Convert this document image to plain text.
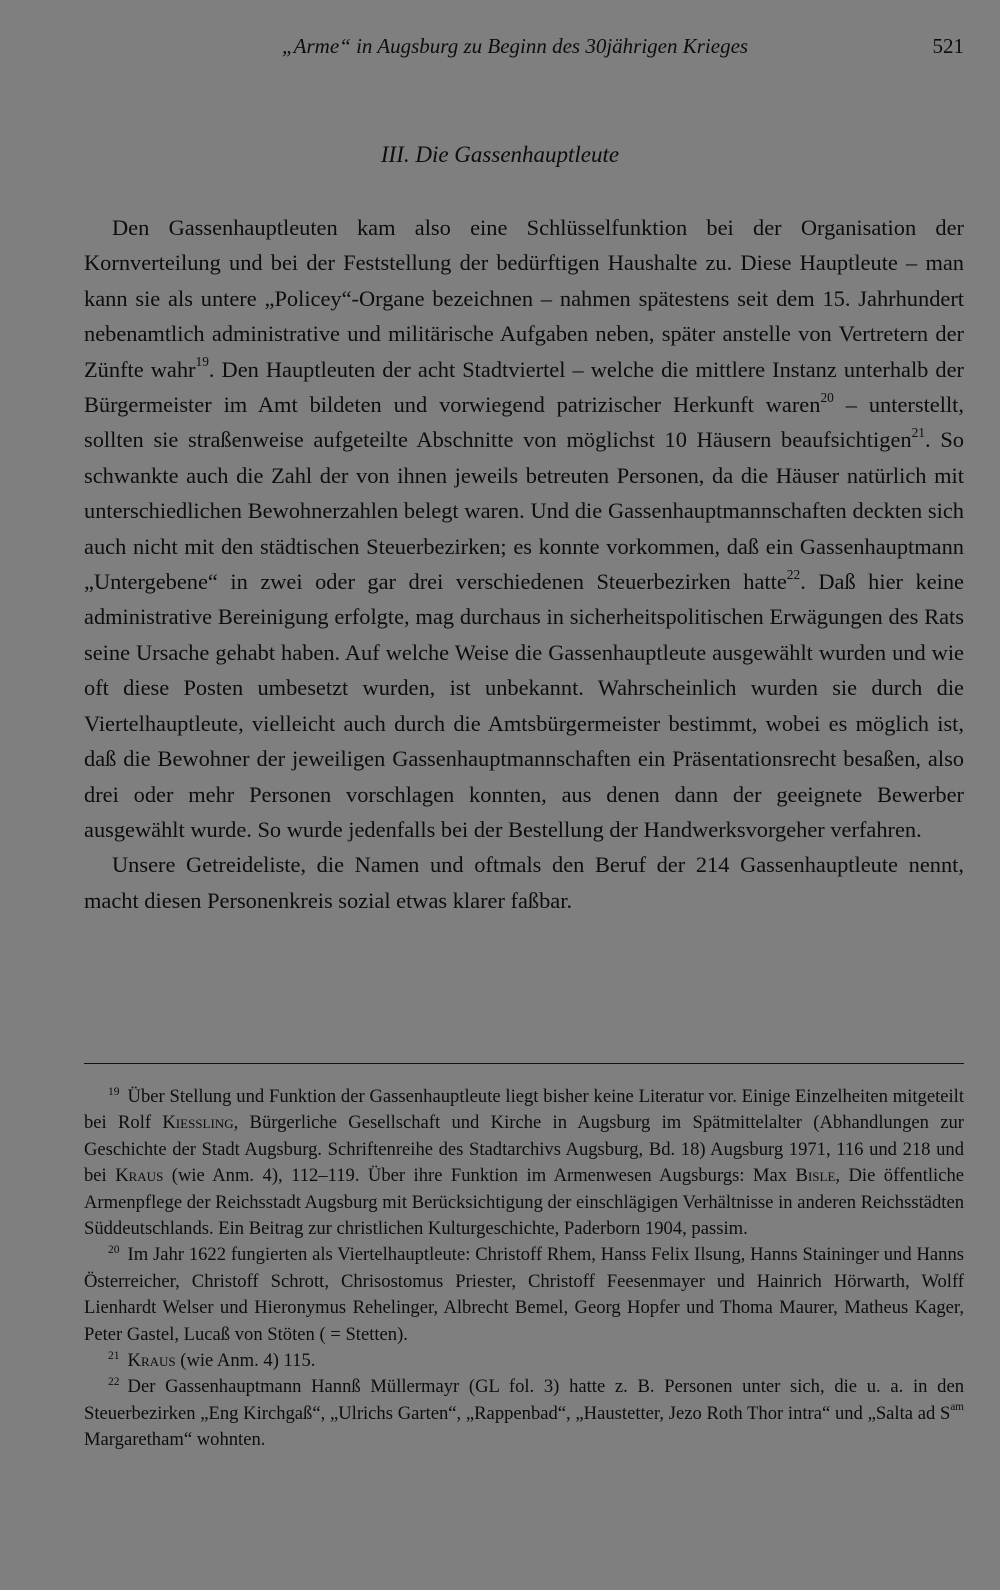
„Arme“ in Augsburg zu Beginn des 30jährigen Krieges	521
III. Die Gassenhauptleute

Den Gassenhauptleuten kam also eine Schlüsselfunktion bei der Organisation der Kornverteilung und bei der Feststellung der bedürftigen Haushalte zu. Diese Hauptleute – man kann sie als untere „Policey“-Organe bezeichnen – nahmen spätestens seit dem 15. Jahrhundert nebenamtlich administrative und militärische Aufgaben neben, später anstelle von Vertretern der Zünfte wahr$^{19}$. Den Hauptleuten der acht Stadtviertel – welche die mittlere Instanz unterhalb der Bürgermeister im Amt bildeten und vorwiegend patrizischer Herkunft waren$^{20}$ – unterstellt, sollten sie straßenweise aufgeteilte Abschnitte von möglichst 10 Häusern beaufsichtigen$^{21}$. So schwankte auch die Zahl der von ihnen jeweils betreuten Personen, da die Häuser natürlich mit unterschiedlichen Bewohnerzahlen belegt waren. Und die Gassenhauptmannschaften deckten sich auch nicht mit den städtischen Steuerbezirken; es konnte vorkommen, daß ein Gassenhauptmann „Untergebene“ in zwei oder gar drei verschiedenen Steuerbezirken hatte$^{22}$. Daß hier keine administrative Bereinigung erfolgte, mag durchaus in sicherheitspolitischen Erwägungen des Rats seine Ursache gehabt haben. Auf welche Weise die Gassenhauptleute ausgewählt wurden und wie oft diese Posten umbesetzt wurden, ist unbekannt. Wahrscheinlich wurden sie durch die Viertelhauptleute, vielleicht auch durch die Amtsbürgermeister bestimmt, wobei es möglich ist, daß die Bewohner der jeweiligen Gassenhauptmannschaften ein Präsentationsrecht besaßen, also drei oder mehr Personen vorschlagen konnten, aus denen dann der geeignete Bewerber ausgewählt wurde. So wurde jedenfalls bei der Bestellung der Handwerksvorgeher verfahren.

Unsere Getreideliste, die Namen und oftmals den Beruf der 214 Gassenhauptleute nennt, macht diesen Personenkreis sozial etwas klarer faßbar.

$^{19}$ Über Stellung und Funktion der Gassenhauptleute liegt bisher keine Literatur vor. Einige Einzelheiten mitgeteilt bei Rolf Kiessling, Bürgerliche Gesellschaft und Kirche in Augsburg im Spätmittelalter (Abhandlungen zur Geschichte der Stadt Augsburg. Schriftenreihe des Stadtarchivs Augsburg, Bd. 18) Augsburg 1971, 116 und 218 und bei Kraus (wie Anm. 4), 112–119. Über ihre Funktion im Armenwesen Augsburgs: Max Bisle, Die öffentliche Armenpflege der Reichsstadt Augsburg mit Berücksichtigung der einschlägigen Verhältnisse in anderen Reichsstädten Süddeutschlands. Ein Beitrag zur christlichen Kulturgeschichte, Paderborn 1904, passim.

$^{20}$ Im Jahr 1622 fungierten als Viertelhauptleute: Christoff Rhem, Hanss Felix Ilsung, Hanns Staininger und Hanns Österreicher, Christoff Schrott, Chrisostomus Priester, Christoff Feesenmayer und Hainrich Hörwarth, Wolff Lienhardt Welser und Hieronymus Rehelinger, Albrecht Bemel, Georg Hopfer und Thoma Maurer, Matheus Kager, Peter Gastel, Lucaß von Stöten ( = Stetten).

$^{21}$ Kraus (wie Anm. 4) 115.

$^{22}$ Der Gassenhauptmann Hannß Müllermayr (GL fol. 3) hatte z. B. Personen unter sich, die u. a. in den Steuerbezirken „Eng Kirchgaß“, „Ulrichs Garten“, „Rappenbad“, „Haustetter, Jezo Roth Thor intra“ und „Salta ad $S^{am}$ Margaretham“ wohnten.
